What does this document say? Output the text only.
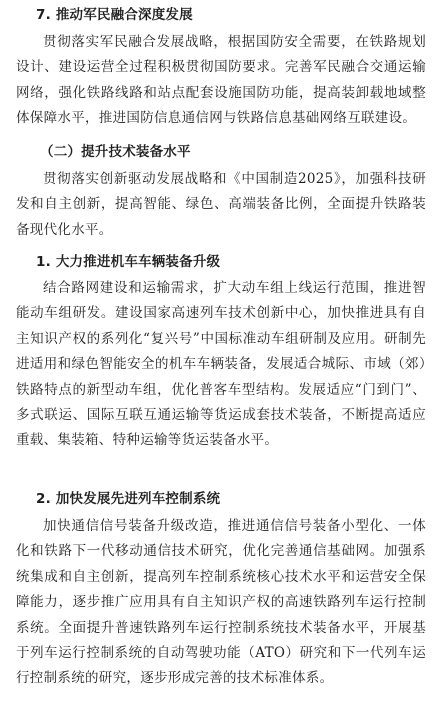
7. 推动军民融合深度发展

贯彻落实军民融合发展战略，根据国防安全需要，在铁路规划设计、建设运营全过程积极贯彻国防要求。完善军民融合交通运输网络，强化铁路线路和站点配套设施国防功能，提高装卸载地域整体保障水平，推进国防信息通信网与铁路信息基础网络互联建设。

（二）提升技术装备水平

贯彻落实创新驱动发展战略和《中国制造2025》，加强科技研发和自主创新，提高智能、绿色、高端装备比例，全面提升铁路装备现代化水平。

1. 大力推进机车车辆装备升级

结合路网建设和运输需求，扩大动车组上线运行范围，推进智能动车组研发。建设国家高速列车技术创新中心，加快推进具有自主知识产权的系列化“复兴号”中国标准动车组研制及应用。研制先进适用和绿色智能安全的机车车辆装备，发展适合城际、市域（郊）铁路特点的新型动车组，优化普客车型结构。发展适应“门到门”、多式联运、国际互联互通运输等货运成套技术装备，不断提高适应重载、集装箱、特种运输等货运装备水平。

2. 加快发展先进列车控制系统

加快通信信号装备升级改造，推进通信信号装备小型化、一体化和铁路下一代移动通信技术研究，优化完善通信基础网。加强系统集成和自主创新，提高列车控制系统核心技术水平和运营安全保障能力，逐步推广应用具有自主知识产权的高速铁路列车运行控制系统。全面提升普速铁路列车运行控制系统技术装备水平，开展基于列车运行控制系统的自动驾驶功能（ATO）研究和下一代列车运行控制系统的研究，逐步形成完善的技术标准体系。
